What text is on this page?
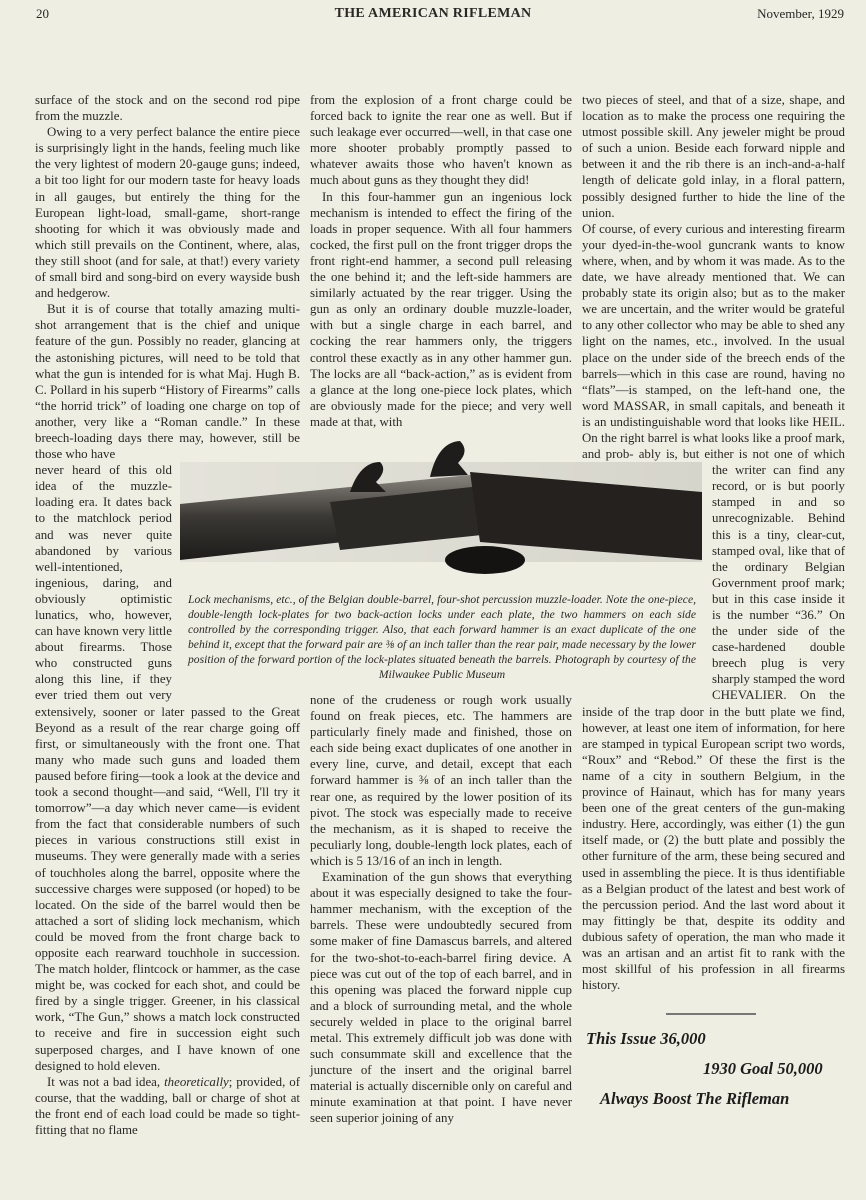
20	THE AMERICAN RIFLEMAN	November, 1929

surface of the stock and on the second rod pipe from the muzzle.

Owing to a very perfect balance the entire piece is surprisingly light in the hands, feeling much like the very lightest of modern 20-gauge guns; indeed, a bit too light for our modern taste for heavy loads in all gauges, but entirely the thing for the European light-load, small-game, short-range shooting for which it was obviously made and which still prevails on the Continent, where, alas, they still shoot (and for sale, at that!) every variety of small bird and song-bird on every wayside bush and hedgerow.

But it is of course that totally amazing multi-shot arrangement that is the chief and unique feature of the gun. Possibly no reader, glancing at the astonishing pictures, will need to be told that what the gun is intended for is what Maj. Hugh B. C. Pollard in his superb “History of Firearms” calls “the horrid trick” of loading one charge on top of another, very like a “Roman candle.” In these breech-loading days there may, however, still be those who have

never heard of this old idea of the muzzle-loading era. It dates back to the matchlock period and was never quite abandoned by various well-intentioned, ingenious, daring, and obviously optimistic lunatics, who, however, can have known very little about firearms. Those who constructed guns along this line, if

they ever tried them out very extensively, sooner or later passed to the Great Beyond as a result of the rear charge going off first, or simultaneously with the front one. That many who made such guns and loaded them paused before firing—took a look at the device and took a second thought—and said, “Well, I'll try it tomorrow”—a day which never came—is evident from the fact that considerable numbers of such pieces in various constructions still exist in museums. They were generally made with a series of touchholes along the barrel, opposite where the successive charges were supposed (or hoped) to be located. On the side of the barrel would then be attached a sort of sliding lock mechanism, which could be moved from the front charge back to opposite each rearward touchhole in succession. The match holder, flintcock or hammer, as the case might be, was cocked for each shot, and could be fired by a single trigger. Greener, in his classical work, “The Gun,” shows a match lock constructed to receive and fire in succession eight such superposed charges, and I have known of one designed to hold eleven.

It was not a bad idea, theoretically; provided, of course, that the wadding, ball or charge of shot at the front end of each load could be made so tight-fitting that no flame

from the explosion of a front charge could be forced back to ignite the rear one as well. But if such leakage ever occurred—well, in that case one more shooter probably promptly passed to whatever awaits those who haven't known as much about guns as they thought they did!

In this four-hammer gun an ingenious lock mechanism is intended to effect the firing of the loads in proper sequence. With all four hammers cocked, the first pull on the front trigger drops the front right-end hammer, a second pull releasing the one behind it; and the left-side hammers are similarly actuated by the rear trigger. Using the gun as only an ordinary double muzzle-loader, with but a single charge in each barrel, and cocking the rear hammers only, the triggers control these exactly as in any other hammer gun. The locks are all “back-action,” as is evident from a glance at the long one-piece lock plates, which are obviously made for the piece; and very well made at that, with

none of the crudeness or rough work usually found on freak pieces, etc. The hammers are particularly finely made and finished, those on each side being exact duplicates of one another in every line, curve, and detail, except that each forward hammer is ⅜ of an inch taller than the rear one, as required by the lower position of its pivot. The stock was especially made to receive the mechanism, as it is shaped to receive the peculiarly long, double-length lock plates, each of which is 5 13/16 of an inch in length.

Examination of the gun shows that everything about it was especially designed to take the four-hammer mechanism, with the exception of the barrels. These were undoubtedly secured from some maker of fine Damascus barrels, and altered for the two-shot-to-each-barrel firing device. A piece was cut out of the top of each barrel, and in this opening was placed the forward nipple cup and a block of surrounding metal, and the whole securely welded in place to the original barrel metal. This extremely difficult job was done with such consummate skill and excellence that the juncture of the insert and the original barrel material is actually discernible only on careful and minute examination at that point. I have never seen superior joining of any

two pieces of steel, and that of a size, shape, and location as to make the process one requiring the utmost possible skill. Any jeweler might be proud of such a union. Beside each forward nipple and between it and the rib there is an inch-and-a-half length of delicate gold inlay, in a floral pattern, possibly designed further to hide the line of the union.

Of course, of every curious and interesting firearm your dyed-in-the-wool guncrank wants to know where, when, and by whom it was made. As to the date, we have already mentioned that. We can probably state its origin also; but as to the maker we are uncertain, and the writer would be grateful to any other collector who may be able to shed any light on the names, etc., involved. In the usual place on the under side of the breech ends of the barrels—which in this case are round, having no “flats”—is stamped, on the left-hand one, the word MASSAR, in small capitals, and beneath it is an undistinguishable word that looks like HEIL. On the right barrel is what looks like a proof mark, and prob-

ably is, but either is not one of which the writer can find any record, or is but poorly stamped in and so unrecognizable. Behind this is a tiny, clear-cut, stamped oval, like that of the ordinary Belgian Government proof mark; but in this case inside it is the number “36.” On the under side of the case-hardened

double breech plug is very sharply stamped the word CHEVALIER. On the inside of the trap door in the butt plate we find, however, at least one item of information, for here are stamped in typical European script two words, “Roux” and “Rebod.” Of these the first is the name of a city in southern Belgium, in the province of Hainaut, which has for many years been one of the great centers of the gun-making industry. Here, accordingly, was either (1) the gun itself made, or (2) the butt plate and possibly the other furniture of the arm, these being secured and used in assembling the piece. It is thus identifiable as a Belgian product of the latest and best work of the percussion period. And the last word about it may fittingly be that, despite its oddity and dubious safety of operation, the man who made it was an artisan and an artist fit to rank with the most skillful of his profession in all firearms history.

This Issue 36,000
1930 Goal 50,000
Always Boost The Rifleman
Lock mechanisms, etc., of the Belgian double-barrel, four-shot percussion muzzle-loader. Note the one-piece, double-length lock-plates for two back-action locks under each plate, the two hammers on each side controlled by the corresponding trigger. Also, that each forward hammer is an exact duplicate of the one behind it, except that the forward pair are ⅜ of an inch taller than the rear pair, made necessary by the lower position of the forward portion of the lock-plates situated beneath the barrels. Photograph by courtesy of the Milwaukee Public Museum
